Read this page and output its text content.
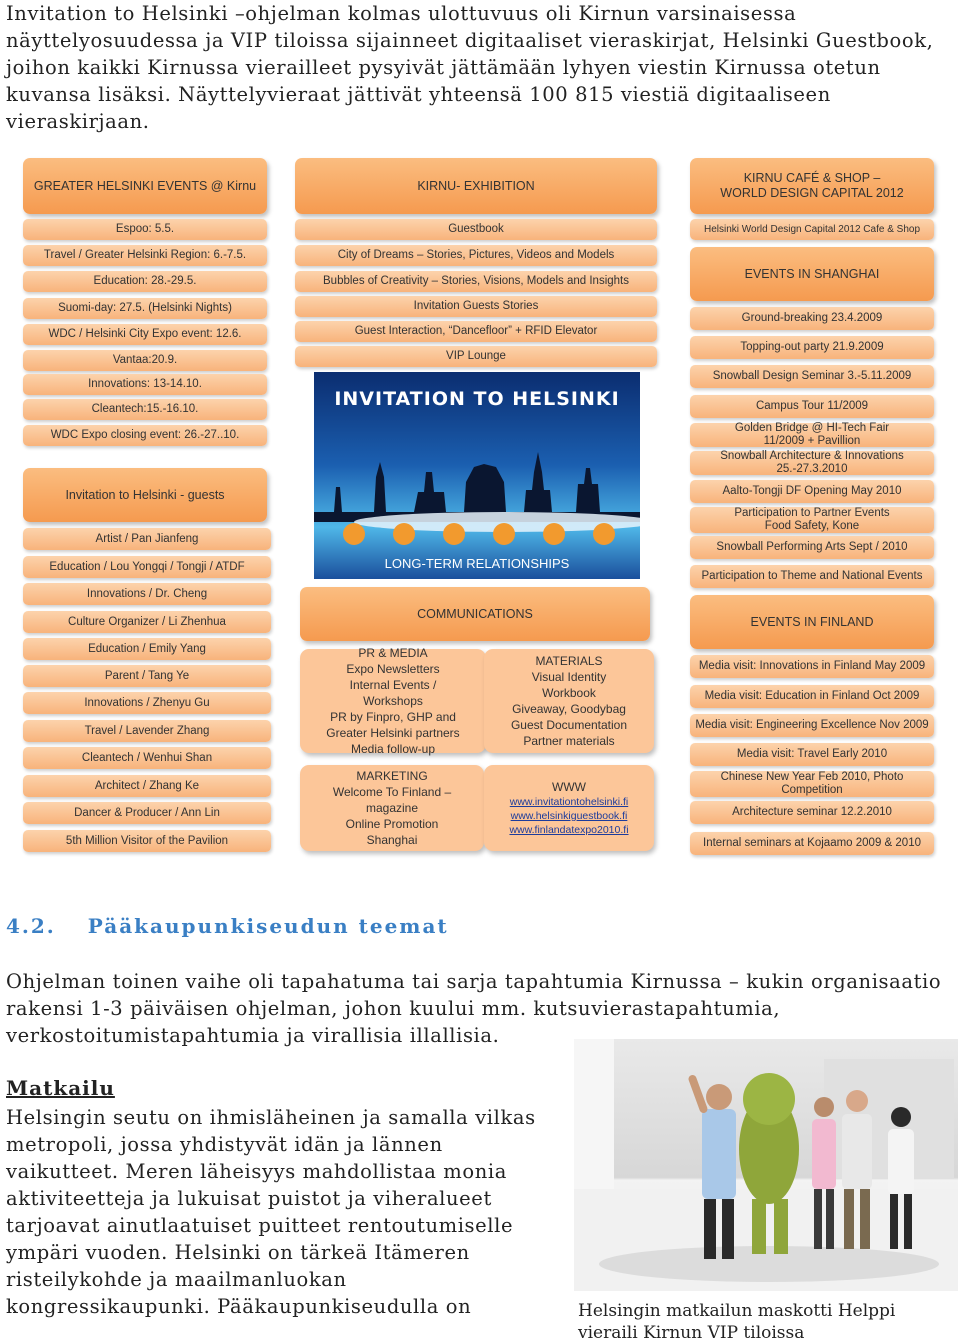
Invitation to Helsinki –ohjelman kolmas ulottuvuus oli Kirnun varsinaisessa näyttelyosuudessa ja VIP tiloissa sijainneet digitaaliset vieraskirjat, Helsinki Guestbook, joihon kaikki Kirnussa vierailleet pysyivät jättämään lyhyen viestin Kirnussa otetun kuvansa lisäksi. Näyttelyvieraat jättivät yhteensä 100 815 viestiä digitaaliseen vieraskirjaan.

GREATER HELSINKI EVENTS @ Kirnu
Espoo: 5.5.
Travel / Greater Helsinki Region: 6.-7.5.
Education: 28.-29.5.
Suomi-day: 27.5. (Helsinki Nights)
WDC / Helsinki City Expo event: 12.6.
Vantaa:20.9.
Innovations: 13-14.10.
Cleantech:15.-16.10.
WDC Expo closing event: 26.-27..10.
Invitation to Helsinki - guests
Artist / Pan Jianfeng
Education / Lou Yongqi / Tongji / ATDF
Innovations / Dr. Cheng
Culture Organizer / Li Zhenhua
Education / Emily Yang
Parent / Tang Ye
Innovations / Zhenyu Gu
Travel / Lavender Zhang
Cleantech / Wenhui Shan
Architect / Zhang Ke
Dancer & Producer / Ann Lin
5th Million Visitor of the Pavilion
KIRNU- EXHIBITION
Guestbook
City of Dreams – Stories, Pictures, Videos and Models
Bubbles of Creativity – Stories, Visions, Models and Insights
Invitation Guests Stories
Guest Interaction, “Dancefloor” + RFID Elevator
VIP Lounge
INVITATION TO HELSINKI
LONG-TERM RELATIONSHIPS
COMMUNICATIONS
PR & MEDIA
Expo Newsletters
Internal Events /
Workshops
PR by Finpro, GHP and
Greater Helsinki partners
Media follow-up
MATERIALS
Visual Identity
Workbook
Giveaway, Goodybag
Guest Documentation
Partner materials
MARKETING
Welcome To Finland –
magazine
Online Promotion
Shanghai
WWW
www.invitationtohelsinki.fi
www.helsinkiguestbook.fi
www.finlandatexpo2010.fi
KIRNU CAFÉ & SHOP – WORLD DESIGN CAPITAL 2012
Helsinki World Design Capital 2012 Cafe & Shop
EVENTS IN SHANGHAI
Ground-breaking 23.4.2009
Topping-out party 21.9.2009
Snowball Design Seminar 3.-5.11.2009
Campus Tour 11/2009
Golden Bridge @ HI-Tech Fair 11/2009 + Pavillion
Snowball Architecture & Innovations 25.-27.3.2010
Aalto-Tongji DF Opening May 2010
Participation to Partner Events Food Safety, Kone
Snowball Performing Arts Sept / 2010
Participation to Theme and National Events
EVENTS IN FINLAND
Media visit: Innovations in Finland May 2009
Media visit: Education in Finland Oct 2009
Media visit: Engineering Excellence Nov 2009
Media visit: Travel Early 2010
Chinese New Year Feb 2010, Photo Competition
Architecture seminar 12.2.2010
Internal seminars at Kojaamo 2009 & 2010
4.2. Pääkaupunkiseudun teemat

Ohjelman toinen vaihe oli tapahatuma tai sarja tapahtumia Kirnussa – kukin organisaatio rakensi 1-3 päiväisen ohjelman, johon kuului mm. kutsuvierastapahtumia, verkostoitumistapahtumia ja virallisia illallisia.

Matkailu

Helsingin seutu on ihmisläheinen ja samalla vilkas metropoli, jossa yhdistyvät idän ja lännen vaikutteet. Meren läheisyys mahdollistaa monia aktiviteetteja ja lukuisat puistot ja viheralueet tarjoavat ainutlaatuiset puitteet rentoutumiselle ympäri vuoden. Helsinki on tärkeä Itämeren risteilykohde ja maailmanluokan kongressikaupunki. Pääkaupunkiseudulla on	Helsingin matkailun maskotti Helppi vieraili Kirnun VIP tiloissa
